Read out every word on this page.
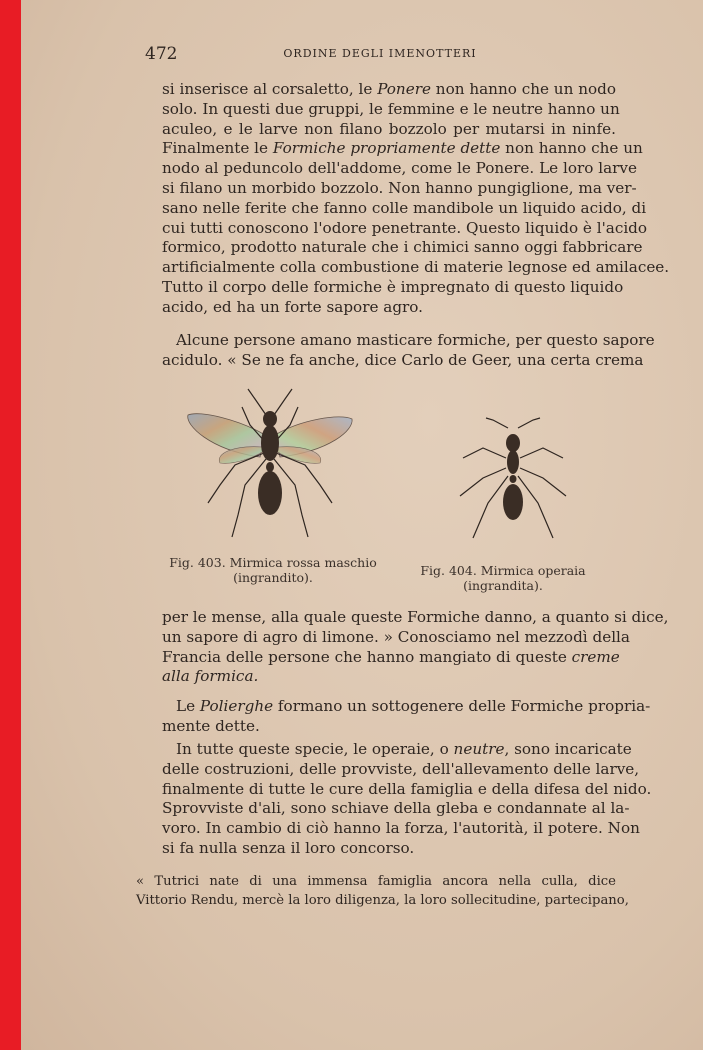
472	ORDINE DEGLI IMENOTTERI
si inserisce al corsaletto, le Ponere non hanno che un nodo
solo. In questi due gruppi, le femmine e le neutre hanno un
aculeo, e le larve non filano bozzolo per mutarsi in ninfe.
Finalmente le Formiche propriamente dette non hanno che un
nodo al peduncolo dell'addome, come le Ponere. Le loro larve
si filano un morbido bozzolo. Non hanno pungiglione, ma ver-
sano nelle ferite che fanno colle mandibole un liquido acido, di
cui tutti conoscono l'odore penetrante. Questo liquido è l'acido
formico, prodotto naturale che i chimici sanno oggi fabbricare
artificialmente colla combustione di materie legnose ed amilacee.
Tutto il corpo delle formiche è impregnato di questo liquido
acido, ed ha un forte sapore agro.
Alcune persone amano masticare formiche, per questo sapore
acidulo. « Se ne fa anche, dice Carlo de Geer, una certa crema
Fig. 403. Mirmica rossa maschio
(ingrandito).	Fig. 404. Mirmica operaia
(ingrandita).
per le mense, alla quale queste Formiche danno, a quanto si dice,
un sapore di agro di limone. » Conosciamo nel mezzodì della
Francia delle persone che hanno mangiato di queste creme
alla formica.
Le Polierghe formano un sottogenere delle Formiche propria-
mente dette.
In tutte queste specie, le operaie, o neutre, sono incaricate
delle costruzioni, delle provviste, dell'allevamento delle larve,
finalmente di tutte le cure della famiglia e della difesa del nido.
Sprovviste d'ali, sono schiave della gleba e condannate al la-
voro. In cambio di ciò hanno la forza, l'autorità, il potere. Non
si fa nulla senza il loro concorso.
« Tutrici nate di una immensa famiglia ancora nella culla, dice
Vittorio Rendu, mercè la loro diligenza, la loro sollecitudine, partecipano,
